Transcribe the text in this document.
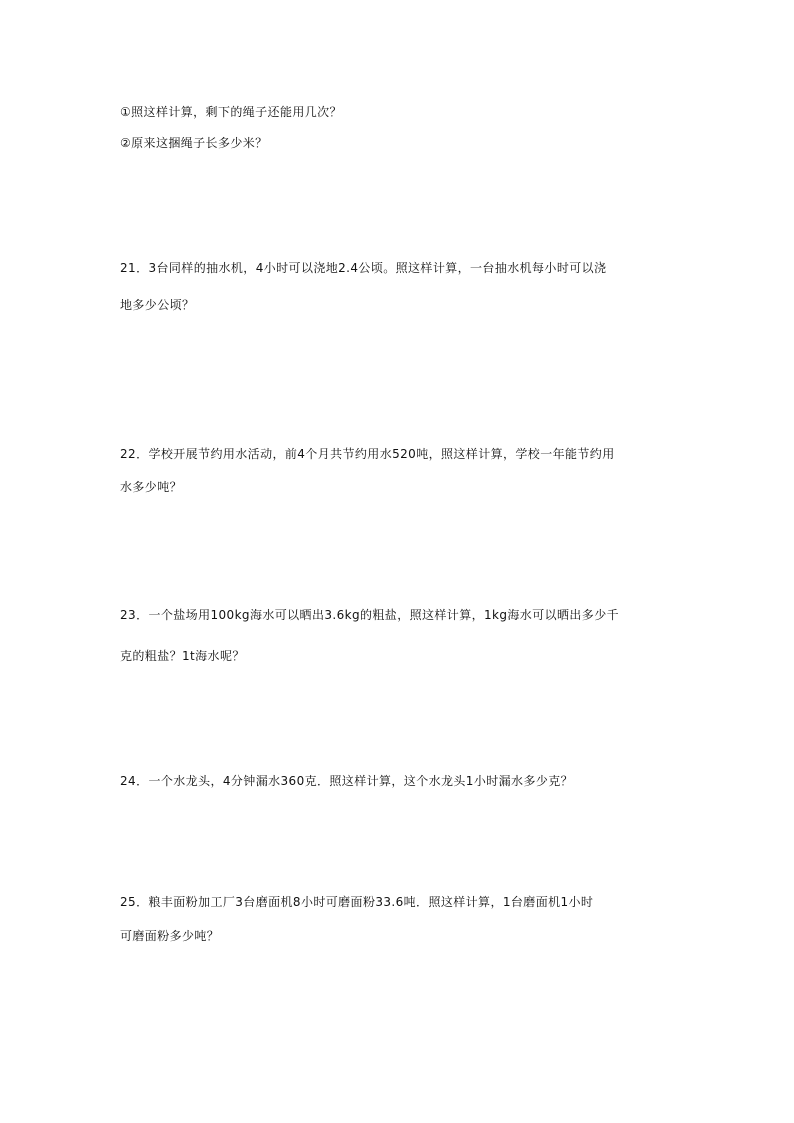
①照这样计算，剩下的绳子还能用几次？
②原来这捆绳子长多少米？
21．3台同样的抽水机，4小时可以浇地2.4公顷。照这样计算，一台抽水机每小时可以浇
地多少公顷？
22．学校开展节约用水活动，前4个月共节约用水520吨，照这样计算，学校一年能节约用
水多少吨？
23．一个盐场用100kg海水可以晒出3.6kg的粗盐，照这样计算，1kg海水可以晒出多少千
克的粗盐？1t海水呢？
24．一个水龙头，4分钟漏水360克．照这样计算，这个水龙头1小时漏水多少克？
25．粮丰面粉加工厂3台磨面机8小时可磨面粉33.6吨．照这样计算，1台磨面机1小时
可磨面粉多少吨？
